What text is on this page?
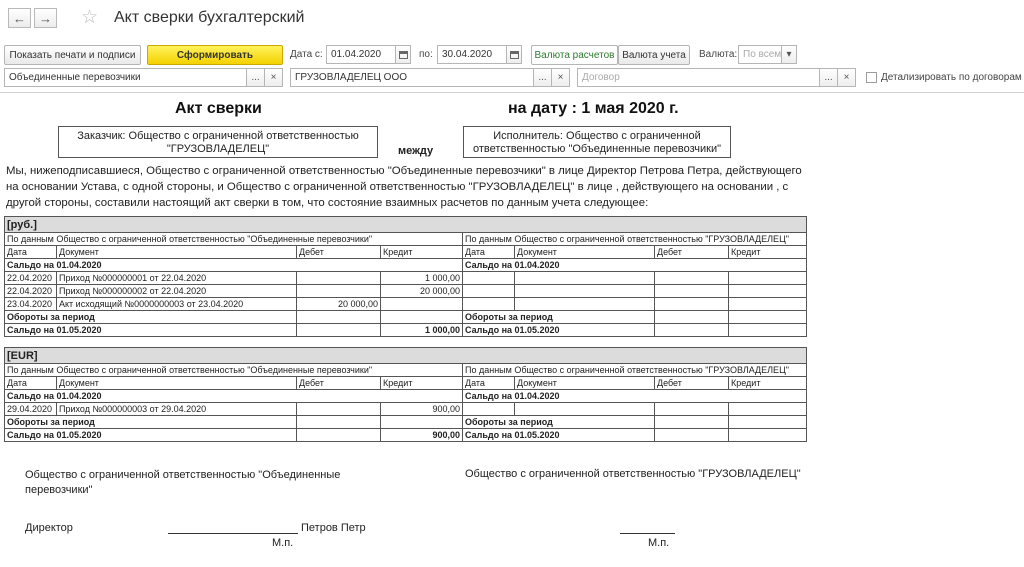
← → ☆ Акт сверки бухгалтерский
Показать печати и подписи	Сформировать	Дата с: 01.04.2020	по: 30.04.2020	Валюта расчетов Валюта учета	Валюта: По всем ▾
Объединенные перевозчики	...	×	ГРУЗОВЛАДЕЛЕЦ ООО	...	×	Договор	...	×	Детализировать по договорам
Акт сверки	на дату : 1 мая 2020 г.
Заказчик: Общество с ограниченной ответственностью "ГРУЗОВЛАДЕЛЕЦ"	между
Исполнитель: Общество с ограниченной ответственностью "Объединенные перевозчики"
Мы, нижеподписавшиеся, Общество с ограниченной ответственностью "Объединенные перевозчики" в лице Директор Петрова Петра, действующего на основании Устава, с одной стороны, и Общество с ограниченной ответственностью "ГРУЗОВЛАДЕЛЕЦ" в лице , действующего на основании , с другой стороны, составили настоящий акт сверки в том, что состояние взаимных расчетов по данным учета следующее:
[руб.]							
По данным Общество с ограниченной ответственностью "Объединенные перевозчики"				По данным Общество с ограниченной ответственностью "ГРУЗОВЛАДЕЛЕЦ"			
Дата	Документ	Дебет	Кредит	Дата	Документ	Дебет	Кредит
Сальдо на 01.04.2020				Сальдо на 01.04.2020			
22.04.2020	Приход №000000001 от 22.04.2020		1 000,00				
22.04.2020	Приход №000000002 от 22.04.2020		20 000,00				
23.04.2020	Акт исходящий №0000000003 от 23.04.2020	20 000,00					
Обороты за период				Обороты за период			
Сальдо на 01.05.2020			1 000,00	Сальдо на 01.05.2020			
[EUR]							
По данным Общество с ограниченной ответственностью "Объединенные перевозчики"				По данным Общество с ограниченной ответственностью "ГРУЗОВЛАДЕЛЕЦ"			
Дата	Документ	Дебет	Кредит	Дата	Документ	Дебет	Кредит
Сальдо на 01.04.2020				Сальдо на 01.04.2020			
29.04.2020	Приход №000000003 от 29.04.2020		900,00				
Обороты за период				Обороты за период			
Сальдо на 01.05.2020			900,00	Сальдо на 01.05.2020			
Общество с ограниченной ответственностью "Объединенные перевозчики"
Общество с ограниченной ответственностью "ГРУЗОВЛАДЕЛЕЦ"
Директор	Петров Петр
М.п.	М.п.
